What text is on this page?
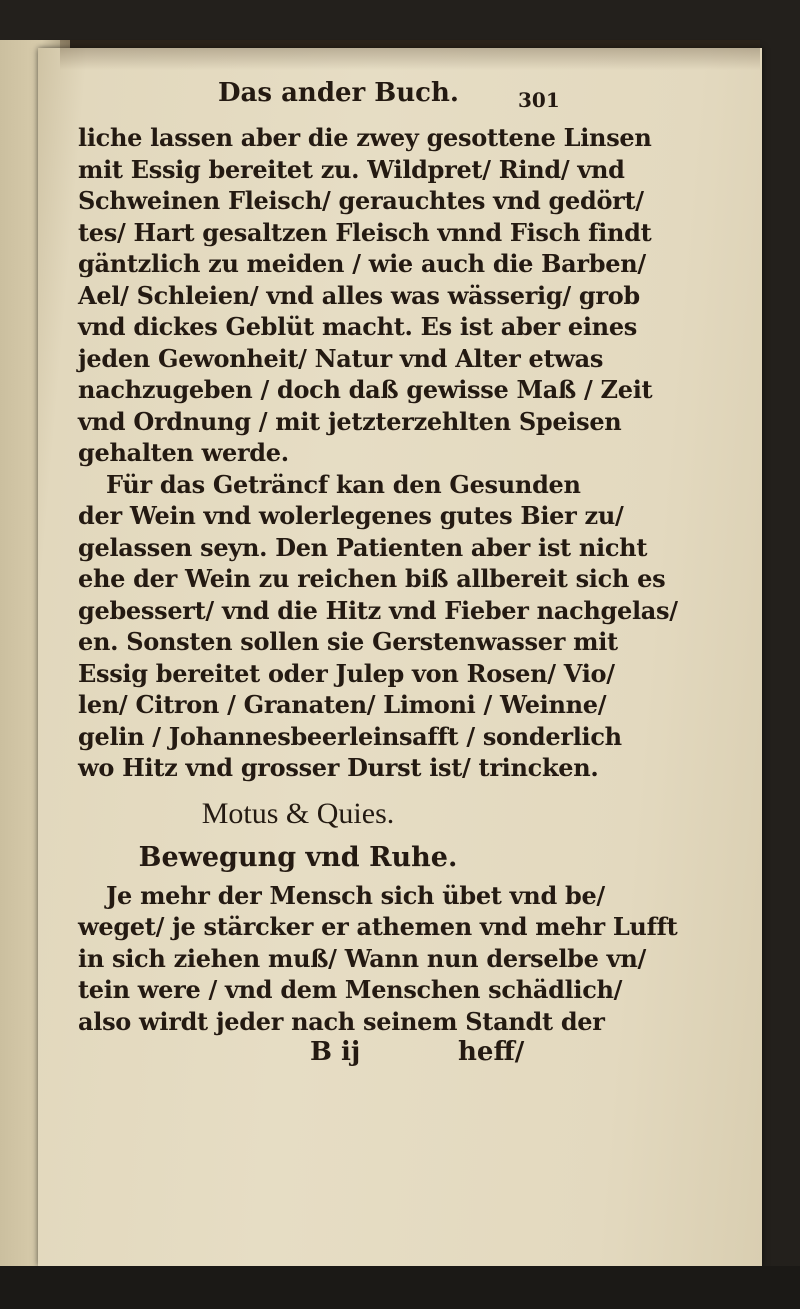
Das ander Buch.	301
liche lassen aber die zwey gesottene Linsen
mit Essig bereitet zu. Wildpret/ Rind/ vnd
Schweinen Fleisch/ gerauchtes vnd gedört/
tes/ Hart gesaltzen Fleisch vnnd Fisch findt
gäntzlich zu meiden / wie auch die Barben/
Ael/ Schleien/ vnd alles was wässerig/ grob
vnd dickes Geblüt macht. Es ist aber eines
jeden Gewonheit/ Natur vnd Alter etwas
nachzugeben / doch daß gewisse Maß / Zeit
vnd Ordnung / mit jetzterzehlten Speisen
gehalten werde.
Für das Geträncf kan den Gesunden
der Wein vnd wolerlegenes gutes Bier zu/
gelassen seyn. Den Patienten aber ist nicht
ehe der Wein zu reichen biß allbereit sich es
gebessert/ vnd die Hitz vnd Fieber nachgelas/
en. Sonsten sollen sie Gerstenwasser mit
Essig bereitet oder Julep von Rosen/ Vio/
len/ Citron / Granaten/ Limoni / Weinne/
gelin / Johannesbeerleinsafft / sonderlich
wo Hitz vnd grosser Durst ist/ trincken.
Motus & Quies.
Bewegung vnd Ruhe.
Je mehr der Mensch sich übet vnd be/
weget/ je stärcker er athemen vnd mehr Lufft
in sich ziehen muß/ Wann nun derselbe vn/
tein were / vnd dem Menschen schädlich/
also wirdt jeder nach seinem Standt der
B ij	heff/
